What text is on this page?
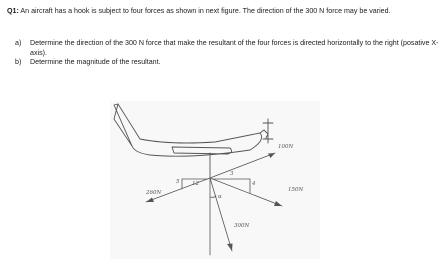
Q1: An aircraft has a hook is subject to four forces as shown in next figure. The direction of the 300 N force may be varied.
a)	Determine the direction of the 300 N force that make the resultant of the four forces is directed horizontally to the right (posative X-axis).
b)	Determine the magnitude of the resultant.
100N
260N	150N
300N
12
5
3
4
α
